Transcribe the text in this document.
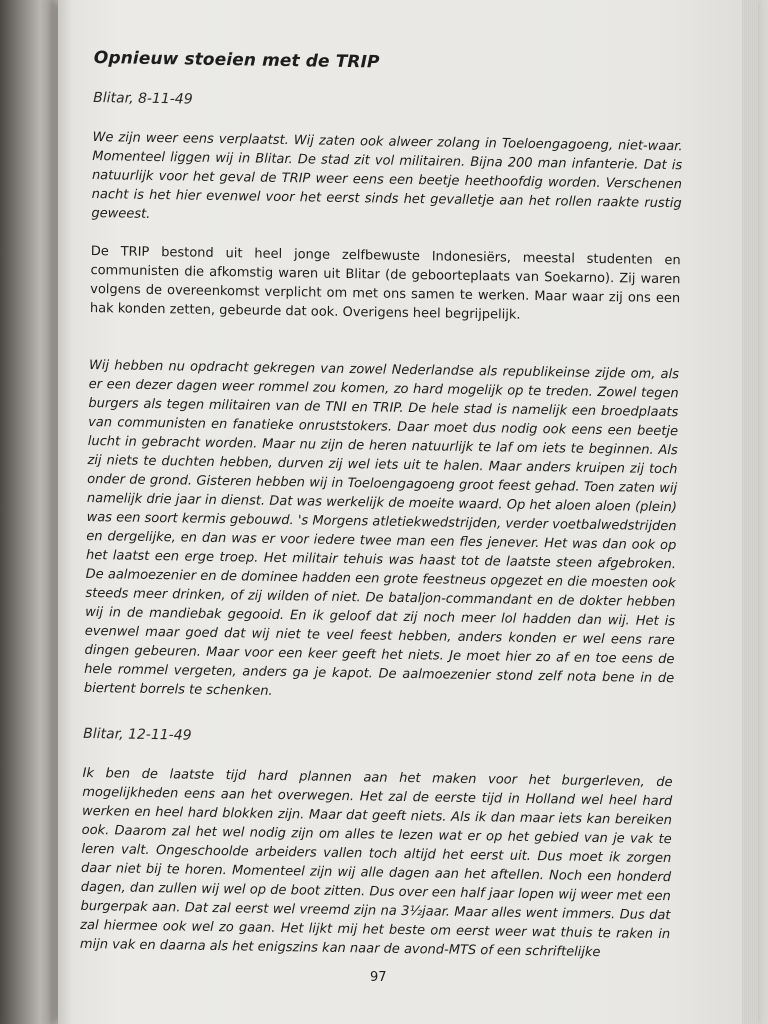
Opnieuw stoeien met de TRIP
Blitar, 8-11-49
We zijn weer eens verplaatst. Wij zaten ook alweer zolang in Toeloengagoeng, niet-waar. Momenteel liggen wij in Blitar. De stad zit vol militairen. Bijna 200 man infanterie. Dat is natuurlijk voor het geval de TRIP weer eens een beetje heethoofdig worden. Verschenen nacht is het hier evenwel voor het eerst sinds het gevalletje aan het rollen raakte rustig geweest.
De TRIP bestond uit heel jonge zelfbewuste Indonesiërs, meestal studenten en communisten die afkomstig waren uit Blitar (de geboorteplaats van Soekarno). Zij waren volgens de overeenkomst verplicht om met ons samen te werken. Maar waar zij ons een hak konden zetten, gebeurde dat ook. Overigens heel begrijpelijk.
Wij hebben nu opdracht gekregen van zowel Nederlandse als republikeinse zijde om, als er een dezer dagen weer rommel zou komen, zo hard mogelijk op te treden. Zowel tegen burgers als tegen militairen van de TNI en TRIP. De hele stad is namelijk een broedplaats van communisten en fanatieke onruststokers. Daar moet dus nodig ook eens een beetje lucht in gebracht worden. Maar nu zijn de heren natuurlijk te laf om iets te beginnen. Als zij niets te duchten hebben, durven zij wel iets uit te halen. Maar anders kruipen zij toch onder de grond. Gisteren hebben wij in Toeloengagoeng groot feest gehad. Toen zaten wij namelijk drie jaar in dienst. Dat was werkelijk de moeite waard. Op het aloen aloen (plein) was een soort kermis gebouwd. 's Morgens atletiekwedstrijden, verder voetbalwedstrijden en dergelijke, en dan was er voor iedere twee man een fles jenever. Het was dan ook op het laatst een erge troep. Het militair tehuis was haast tot de laatste steen afgebroken. De aalmoezenier en de dominee hadden een grote feestneus opgezet en die moesten ook steeds meer drinken, of zij wilden of niet. De bataljon-commandant en de dokter hebben wij in de mandiebak gegooid. En ik geloof dat zij noch meer lol hadden dan wij. Het is evenwel maar goed dat wij niet te veel feest hebben, anders konden er wel eens rare dingen gebeuren. Maar voor een keer geeft het niets. Je moet hier zo af en toe eens de hele rommel vergeten, anders ga je kapot. De aalmoezenier stond zelf nota bene in de biertent borrels te schenken.
Blitar, 12-11-49
Ik ben de laatste tijd hard plannen aan het maken voor het burgerleven, de mogelijkheden eens aan het overwegen. Het zal de eerste tijd in Holland wel heel hard werken en heel hard blokken zijn. Maar dat geeft niets. Als ik dan maar iets kan bereiken ook. Daarom zal het wel nodig zijn om alles te lezen wat er op het gebied van je vak te leren valt. Ongeschoolde arbeiders vallen toch altijd het eerst uit. Dus moet ik zorgen daar niet bij te horen. Momenteel zijn wij alle dagen aan het aftellen. Noch een honderd dagen, dan zullen wij wel op de boot zitten. Dus over een half jaar lopen wij weer met een burgerpak aan. Dat zal eerst wel vreemd zijn na 3½jaar. Maar alles went immers. Dus dat zal hiermee ook wel zo gaan. Het lijkt mij het beste om eerst weer wat thuis te raken in mijn vak en daarna als het enigszins kan naar de avond-MTS of een schriftelijke
97
